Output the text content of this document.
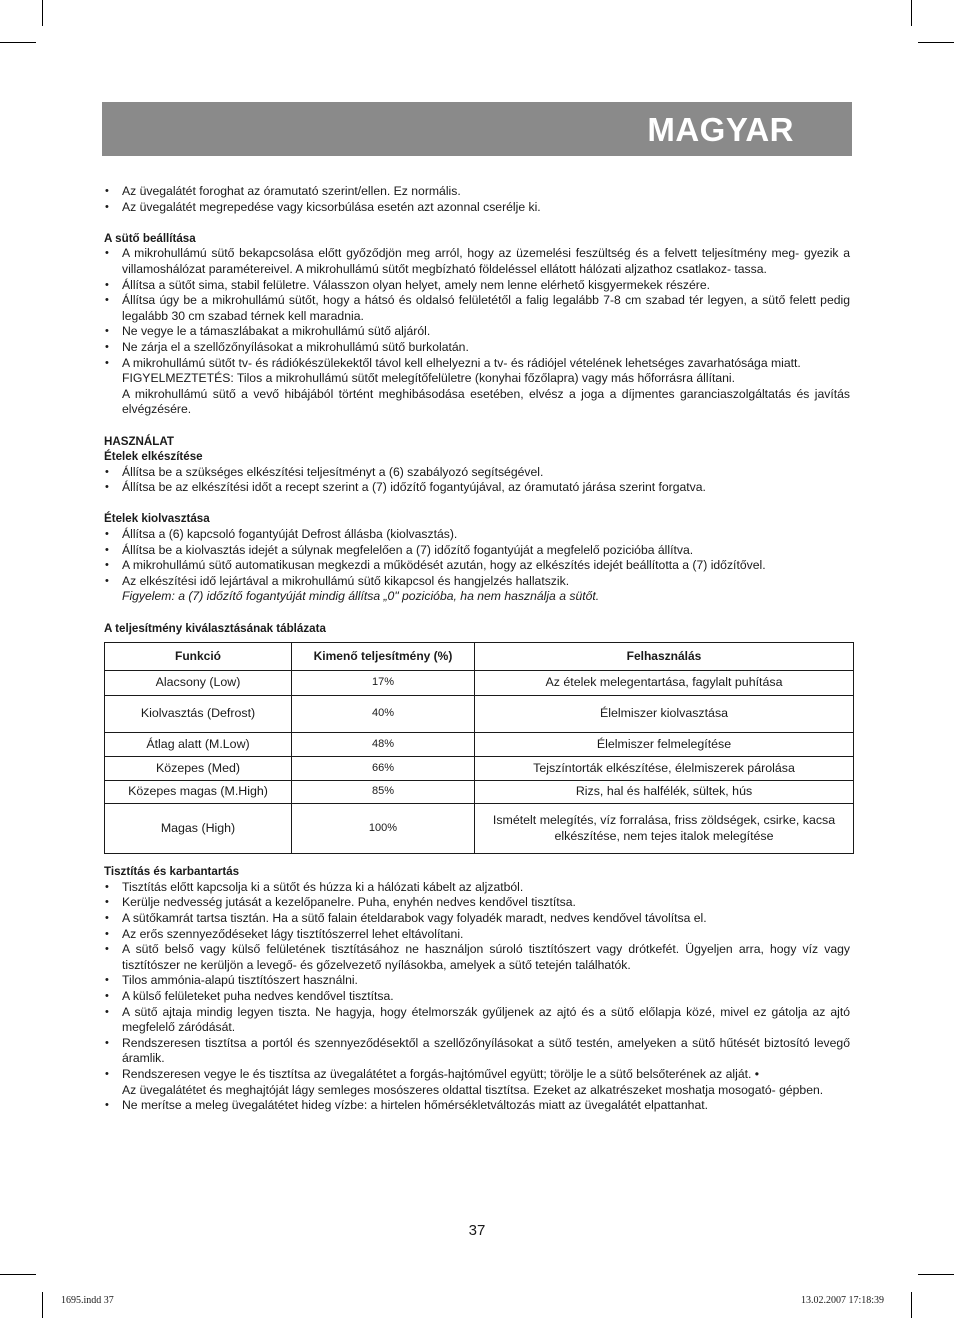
MAGYAR
• Az üvegalátét foroghat az óramutató szerint/ellen. Ez normális.
• Az üvegalátét megrepedése vagy kicsorbúlása esetén azt azonnal cserélje ki.
A sütő beállítása
• A mikrohullámú sütő bekapcsolása előtt győződjön meg arról, hogy az üzemelési feszültség és a felvett teljesítmény meg- gyezik a villamoshálózat paramétereivel. A mikrohullámú sütőt megbízható földeléssel ellátott hálózati aljzathoz csatlakoz- tassa.
• Állítsa a sütőt sima, stabil felületre. Válasszon olyan helyet, amely nem lenne elérhető kisgyermekek részére.
• Állítsa úgy be a mikrohullámú sütőt, hogy a hátsó és oldalsó felületétől a falig legalább 7-8 cm szabad tér legyen, a sütő felett pedig legalább 30 cm szabad térnek kell maradnia.
• Ne vegye le a támaszlábakat a mikrohullámú sütő aljáról.
• Ne zárja el a szellőzőnyílásokat a mikrohullámú sütő burkolatán.
• A mikrohullámú sütőt tv- és rádiókészülekektől távol kell elhelyezni a tv- és rádiójel vételének lehetséges zavarhatósága miatt.
FIGYELMEZTETÉS: Tilos a mikrohullámú sütőt melegítőfelületre (konyhai főzőlapra) vagy más hőforrásra állítani.
A mikrohullámú sütő a vevő hibájából történt meghibásodása esetében, elvész a joga a díjmentes garanciaszolgáltatás és javítás elvégzésére.
HASZNÁLAT
Ételek elkészítése
• Állítsa be a szükséges elkészítési teljesítményt a (6) szabályozó segítségével.
• Állítsa be az elkészítési időt a recept szerint a (7) időzítő fogantyújával, az óramutató járása szerint forgatva.
Ételek kiolvasztása
• Állítsa a (6) kapcsoló fogantyúját Defrost állásba (kiolvasztás).
• Állítsa be a kiolvasztás idejét a súlynak megfelelően a (7) időzítő fogantyúját a megfelelő pozicióba állítva.
• A mikrohullámú sütő automatikusan megkezdi a működését azután, hogy az elkészítés idejét beállította a (7) időzítővel.
• Az elkészítési idő lejártával a mikrohullámú sütő kikapcsol és hangjelzés hallatszik.
Figyelem: a (7) időzítő fogantyúját mindig állítsa „0" pozicióba, ha nem használja a sütőt.
A teljesítmény kiválasztásának táblázata
Funkció	Kimenő teljesítmény (%)	Felhasználás
Alacsony (Low)	17%	Az ételek melegentartása, fagylalt puhítása
Kiolvasztás (Defrost)	40%	Élelmiszer kiolvasztása
Átlag alatt (M.Low)	48%	Élelmiszer felmelegítése
Közepes (Med)	66%	Tejszíntorták elkészítése, élelmiszerek párolása
Közepes magas (M.High)	85%	Rizs, hal és halfélék, sültek, hús
Magas (High)	100%	Ismételt melegítés, víz forralása, friss zöldségek, csirke, kacsa elkészítése, nem tejes italok melegítése
Tisztítás és karbantartás
• Tisztítás előtt kapcsolja ki a sütőt és húzza ki a hálózati kábelt az aljzatból.
• Kerülje nedvesség jutását a kezelőpanelre. Puha, enyhén nedves kendővel tisztítsa.
• A sütőkamrát tartsa tisztán. Ha a sütő falain ételdarabok vagy folyadék maradt, nedves kendővel távolítsa el.
• Az erős szennyeződéseket lágy tisztítószerrel lehet eltávolítani.
• A sütő belső vagy külső felületének tisztításához ne használjon súroló tisztítószert vagy drótkefét. Ügyeljen arra, hogy víz vagy tisztítószer ne kerüljön a levegő- és gőzelvezető nyílásokba, amelyek a sütő tetején találhatók.
• Tilos ammónia-alapú tisztítószert használni.
• A külső felületeket puha nedves kendővel tisztítsa.
• A sütő ajtaja mindig legyen tiszta. Ne hagyja, hogy ételmorszák gyűljenek az ajtó és a sütő előlapja közé, mivel ez gátolja az ajtó megfelelő záródását.
• Rendszeresen tisztítsa a portól és szennyeződésektől a szellőzőnyílásokat a sütő testén, amelyeken a sütő hűtését biztosító levegő áramlik.
• Rendszeresen vegye le és tisztítsa az üvegalátétet a forgás-hajtóművel együtt; törölje le a sütő belsőterének az alját. •
Az üvegalátétet és meghajtóját lágy semleges mosószeres oldattal tisztítsa. Ezeket az alkatrészeket moshatja mosogató- gépben.
• Ne merítse a meleg üvegalátétet hideg vízbe: a hirtelen hőmérsékletváltozás miatt az üvegalátét elpattanhat.
37
1695.indd 37	13.02.2007 17:18:39
